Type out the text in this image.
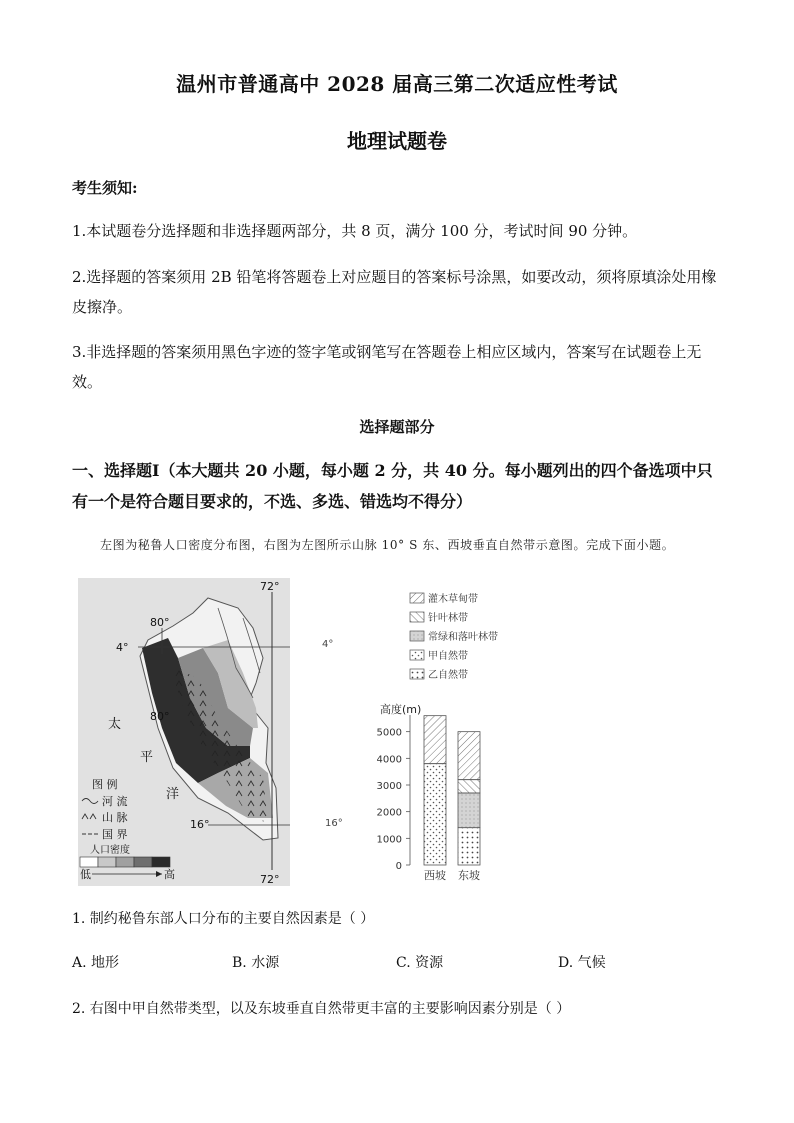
温州市普通高中 2028 届高三第二次适应性考试
地理试题卷
考生须知:
1.本试题卷分选择题和非选择题两部分，共 8 页，满分 100 分，考试时间 90 分钟。
2.选择题的答案须用 2B 铅笔将答题卷上对应题目的答案标号涂黑，如要改动，须将原填涂处用橡皮擦净。
3.非选择题的答案须用黑色字迹的签字笔或钢笔写在答题卷上相应区域内，答案写在试题卷上无效。
选择题部分
一、选择题Ⅰ（本大题共 20 小题，每小题 2 分，共 40 分。每小题列出的四个备选项中只有一个是符合题目要求的，不选、多选、错选均不得分）
左图为秘鲁人口密度分布图，右图为左图所示山脉 10° S 东、西坡垂直自然带示意图。完成下面小题。
72°
80°
4°
太
80°
平
洋
16°
72°
图 例
河 流
山 脉
国 界
人口密度
低	高
4°
16°
灌木草甸带
针叶林带
常绿和落叶林带
甲自然带
乙自然带
高度(m)
0
1000
2000
3000
4000
5000
西坡 东坡
1. 制约秘鲁东部人口分布的主要自然因素是（ ）
A. 地形	B. 水源	C. 资源	D. 气候
2. 右图中甲自然带类型，以及东坡垂直自然带更丰富的主要影响因素分别是（ ）
